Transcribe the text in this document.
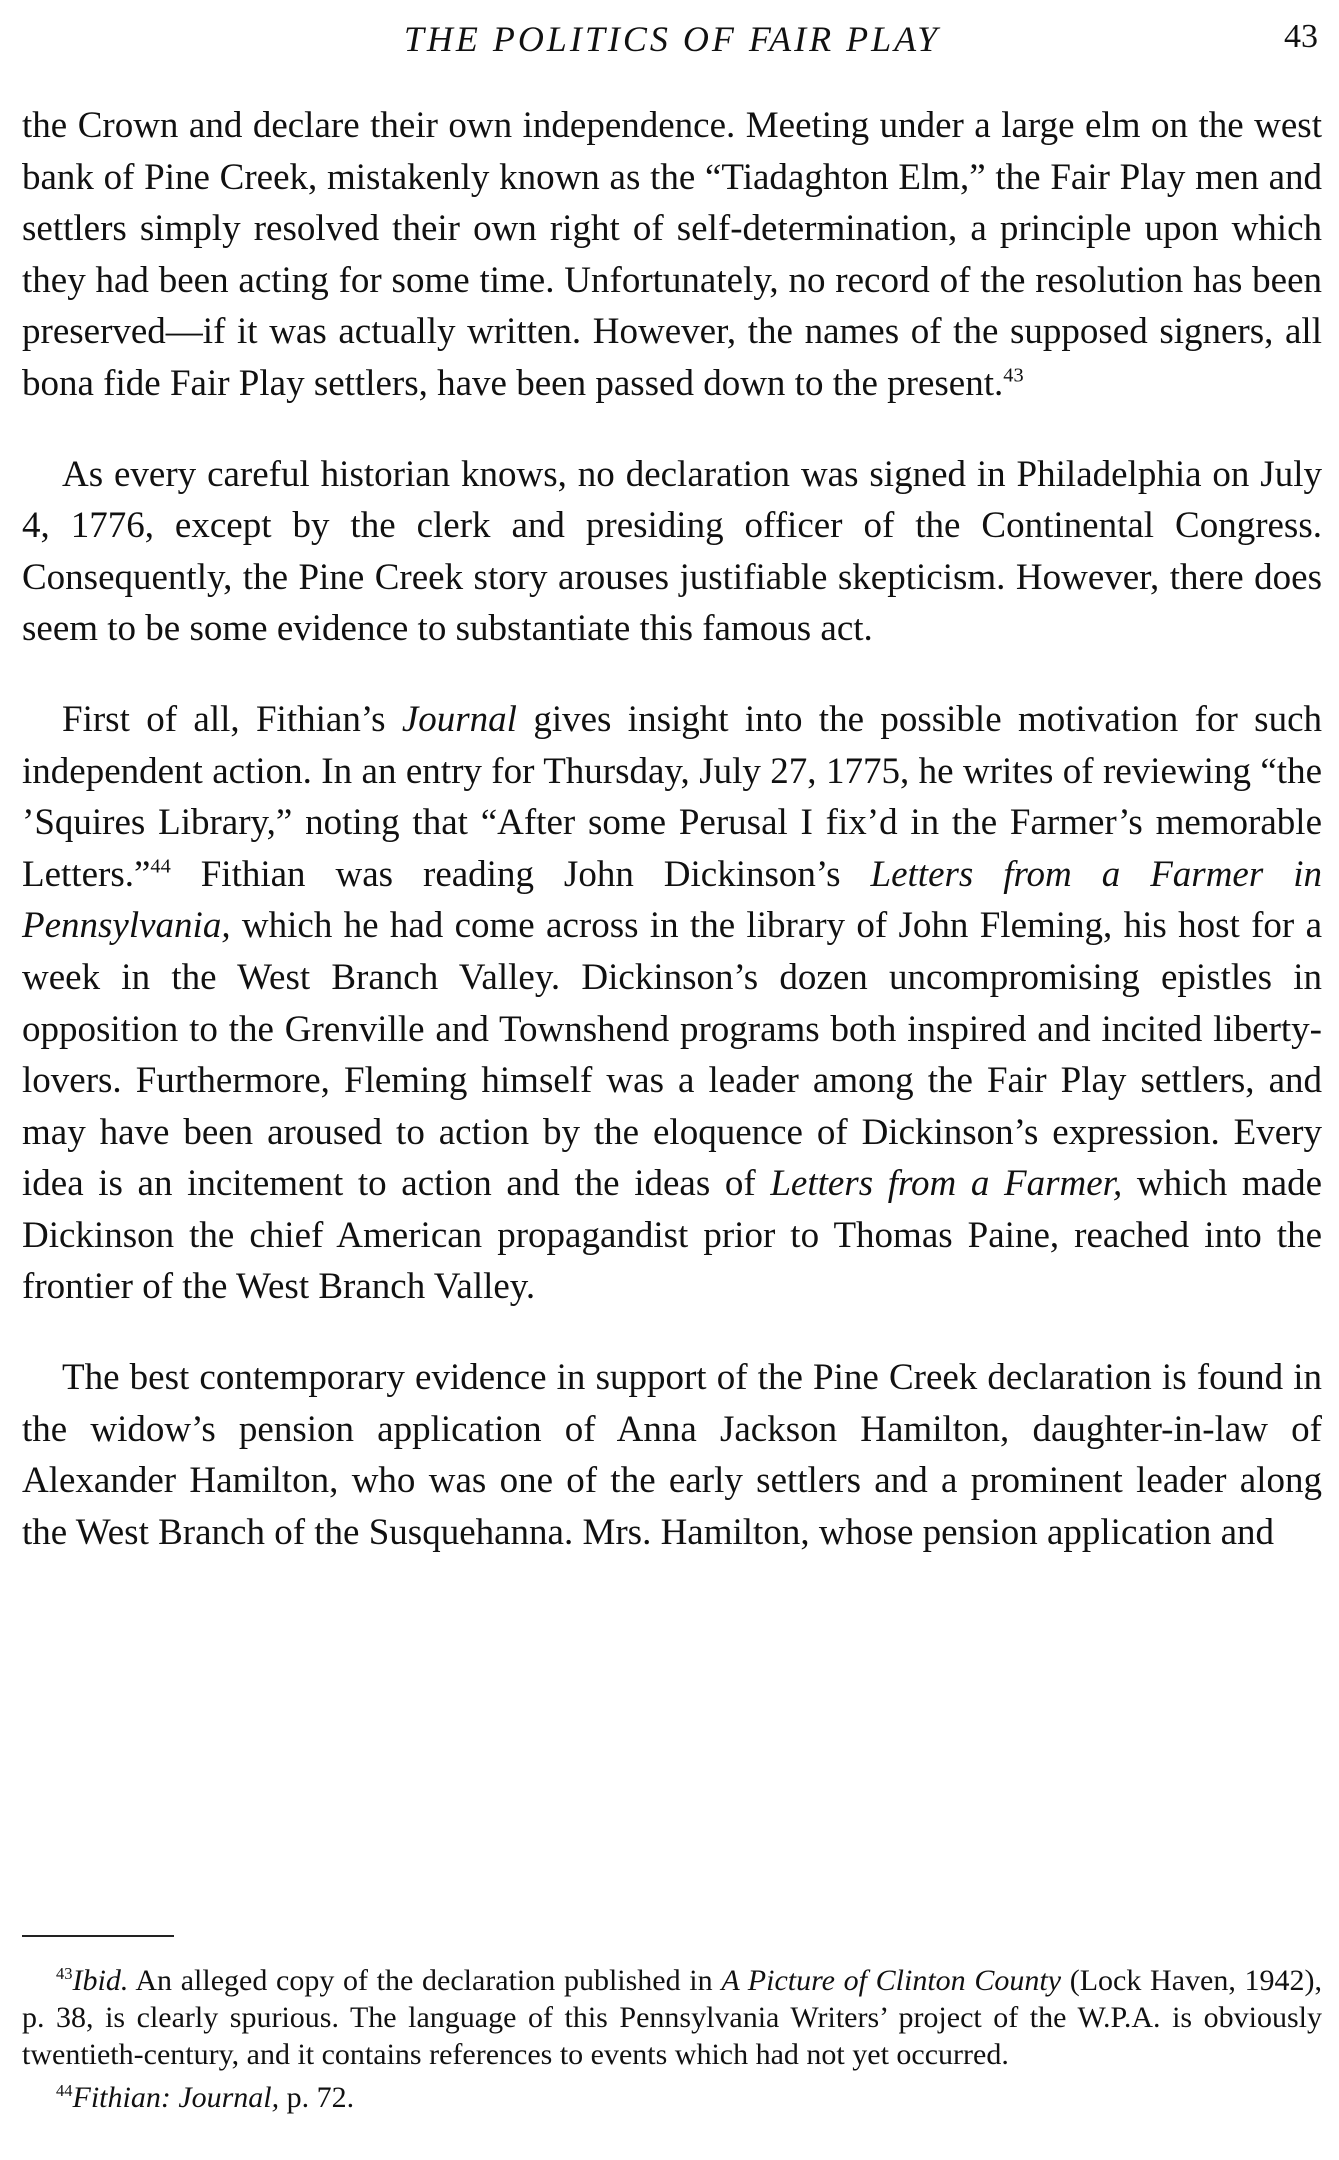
THE POLITICS OF FAIR PLAY	43

the Crown and declare their own independence. Meeting under a large elm on the west bank of Pine Creek, mistakenly known as the “Tiadaghton Elm,” the Fair Play men and settlers simply resolved their own right of self-determination, a principle upon which they had been acting for some time. Unfortunately, no record of the resolution has been preserved—if it was actually written. However, the names of the supposed signers, all bona fide Fair Play settlers, have been passed down to the present.$^{43}$

As every careful historian knows, no declaration was signed in Philadelphia on July 4, 1776, except by the clerk and presiding officer of the Continental Congress. Consequently, the Pine Creek story arouses justifiable skepticism. However, there does seem to be some evidence to substantiate this famous act.

First of all, Fithian’s Journal gives insight into the possible motivation for such independent action. In an entry for Thursday, July 27, 1775, he writes of reviewing “the ’Squires Library,” noting that “After some Perusal I fix’d in the Farmer’s memorable Letters.”$^{44}$ Fithian was reading John Dickinson’s Letters from a Farmer in Pennsylvania, which he had come across in the library of John Fleming, his host for a week in the West Branch Valley. Dickinson’s dozen uncompromising epistles in opposition to the Grenville and Townshend programs both inspired and incited liberty-lovers. Furthermore, Fleming himself was a leader among the Fair Play settlers, and may have been aroused to action by the eloquence of Dickinson’s expression. Every idea is an incitement to action and the ideas of Letters from a Farmer, which made Dickinson the chief American propagandist prior to Thomas Paine, reached into the frontier of the West Branch Valley.

The best contemporary evidence in support of the Pine Creek declaration is found in the widow’s pension application of Anna Jackson Hamilton, daughter-in-law of Alexander Hamilton, who was one of the early settlers and a prominent leader along the West Branch of the Susquehanna. Mrs. Hamilton, whose pension application and

$^{43}$Ibid. An alleged copy of the declaration published in A Picture of Clinton County (Lock Haven, 1942), p. 38, is clearly spurious. The language of this Pennsylvania Writers’ project of the W.P.A. is obviously twentieth-century, and it contains references to events which had not yet occurred.

$^{44}$Fithian: Journal, p. 72.
